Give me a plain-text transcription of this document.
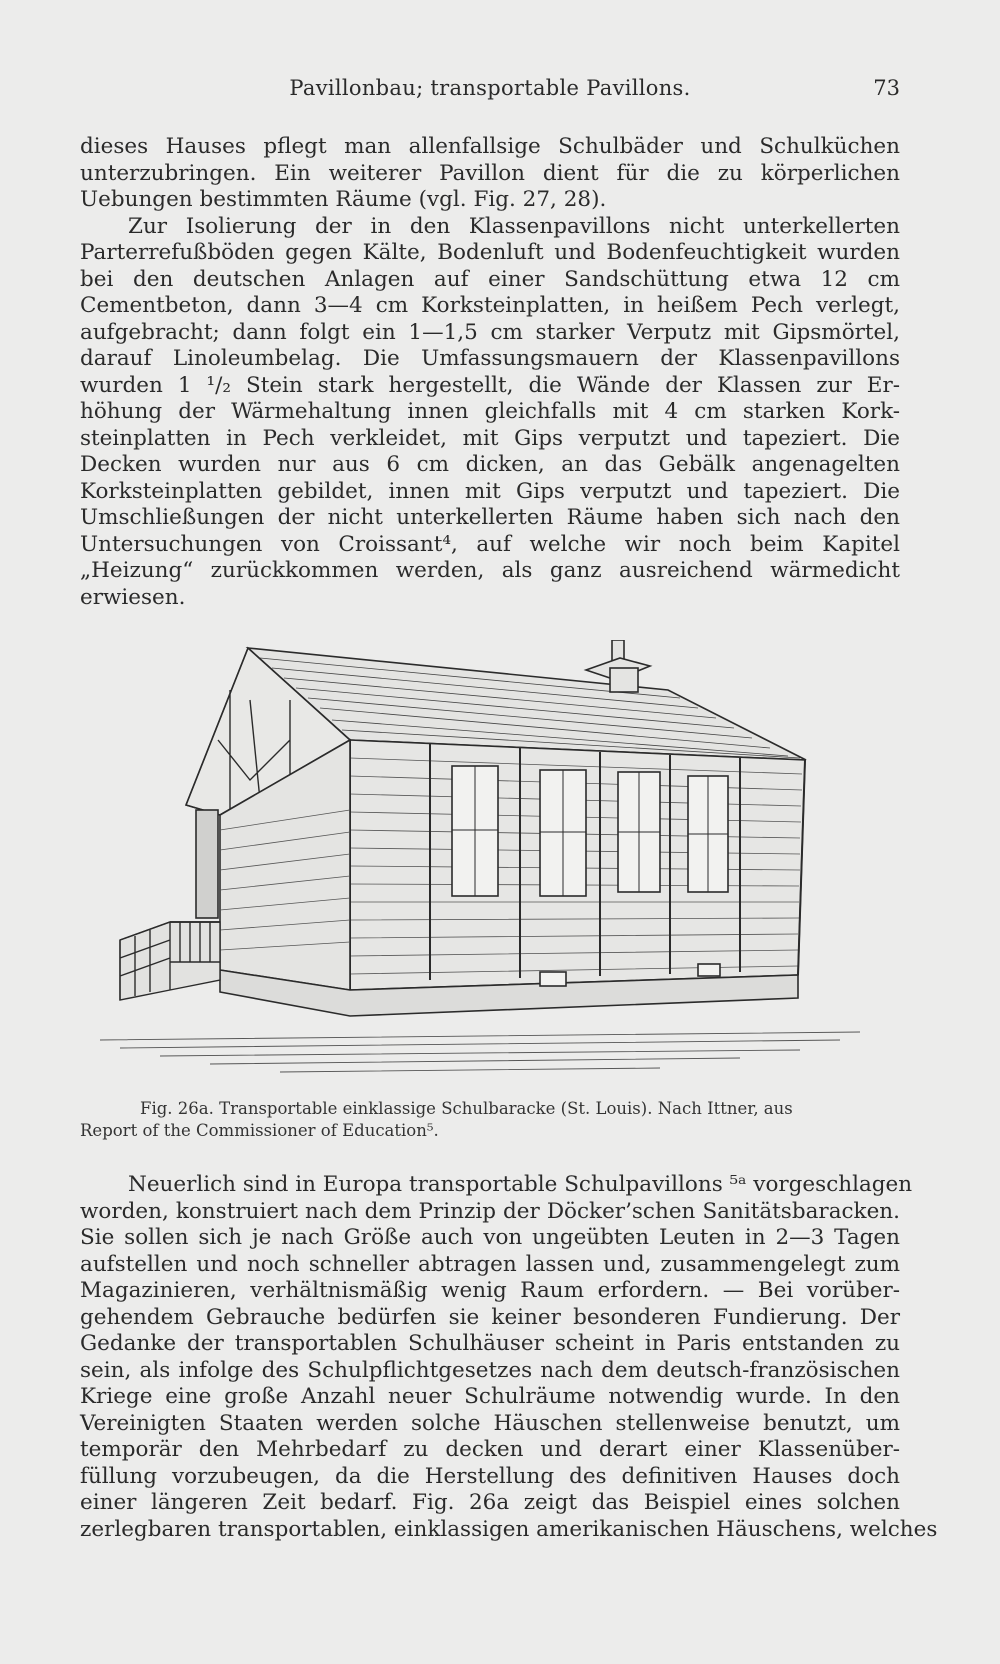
Pavillonbau; transportable Pavillons.	73
dieses Hauses pflegt man allenfallsige Schulbäder und Schulküchen
unterzubringen. Ein weiterer Pavillon dient für die zu körperlichen
Uebungen bestimmten Räume (vgl. Fig. 27, 28).
Zur Isolierung der in den Klassenpavillons nicht unterkellerten
Parterrefußböden gegen Kälte, Bodenluft und Bodenfeuchtigkeit wurden
bei den deutschen Anlagen auf einer Sandschüttung etwa 12 cm
Cementbeton, dann 3—4 cm Korksteinplatten, in heißem Pech verlegt,
aufgebracht; dann folgt ein 1—1,5 cm starker Verputz mit Gipsmörtel,
darauf Linoleumbelag. Die Umfassungsmauern der Klassenpavillons
wurden 1 ¹/₂ Stein stark hergestellt, die Wände der Klassen zur Er-
höhung der Wärmehaltung innen gleichfalls mit 4 cm starken Kork-
steinplatten in Pech verkleidet, mit Gips verputzt und tapeziert. Die
Decken wurden nur aus 6 cm dicken, an das Gebälk angenagelten
Korksteinplatten gebildet, innen mit Gips verputzt und tapeziert. Die
Umschließungen der nicht unterkellerten Räume haben sich nach den
Untersuchungen von Croissant⁴, auf welche wir noch beim Kapitel
„Heizung“ zurückkommen werden, als ganz ausreichend wärmedicht
erwiesen.
Fig. 26a. Transportable einklassige Schulbaracke (St. Louis). Nach Ittner, aus
Report of the Commissioner of Education⁵.
Neuerlich sind in Europa transportable Schulpavillons ⁵ᵃ vorgeschlagen
worden, konstruiert nach dem Prinzip der Döcker’schen Sanitätsbaracken.
Sie sollen sich je nach Größe auch von ungeübten Leuten in 2—3 Tagen
aufstellen und noch schneller abtragen lassen und, zusammengelegt zum
Magazinieren, verhältnismäßig wenig Raum erfordern. — Bei vorüber-
gehendem Gebrauche bedürfen sie keiner besonderen Fundierung. Der
Gedanke der transportablen Schulhäuser scheint in Paris entstanden zu
sein, als infolge des Schulpflichtgesetzes nach dem deutsch-französischen
Kriege eine große Anzahl neuer Schulräume notwendig wurde. In den
Vereinigten Staaten werden solche Häuschen stellenweise benutzt, um
temporär den Mehrbedarf zu decken und derart einer Klassenüber-
füllung vorzubeugen, da die Herstellung des definitiven Hauses doch
einer längeren Zeit bedarf. Fig. 26a zeigt das Beispiel eines solchen
zerlegbaren transportablen, einklassigen amerikanischen Häuschens, welches
